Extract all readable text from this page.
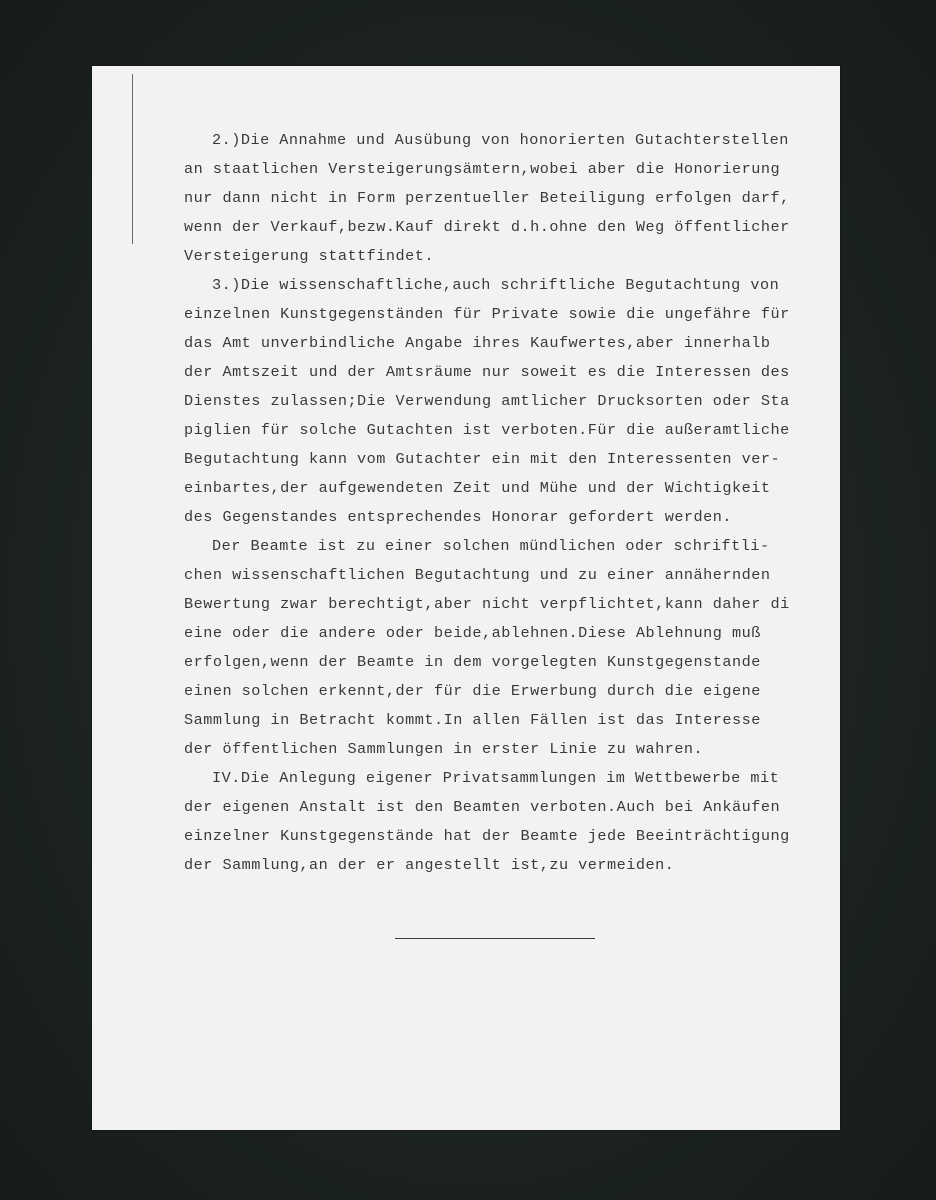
2.)Die Annahme und Ausübung von honorierten Gutachterstellen
an staatlichen Versteigerungsämtern,wobei aber die Honorierung
nur dann nicht in Form perzentueller Beteiligung erfolgen darf,
wenn der Verkauf,bezw.Kauf direkt d.h.ohne den Weg öffentlicher
Versteigerung stattfindet.
3.)Die wissenschaftliche,auch schriftliche Begutachtung von
einzelnen Kunstgegenständen für Private sowie die ungefähre für
das Amt unverbindliche Angabe ihres Kaufwertes,aber innerhalb
der Amtszeit und der Amtsräume nur soweit es die Interessen des
Dienstes zulassen;Die Verwendung amtlicher Drucksorten oder Sta
piglien für solche Gutachten ist verboten.Für die außeramtliche
Begutachtung kann vom Gutachter ein mit den Interessenten ver-
einbartes,der aufgewendeten Zeit und Mühe und der Wichtigkeit
des Gegenstandes entsprechendes Honorar gefordert werden.
Der Beamte ist zu einer solchen mündlichen oder schriftli-
chen wissenschaftlichen Begutachtung und zu einer annähernden
Bewertung zwar berechtigt,aber nicht verpflichtet,kann daher di
eine oder die andere oder beide,ablehnen.Diese Ablehnung muß
erfolgen,wenn der Beamte in dem vorgelegten Kunstgegenstande
einen solchen erkennt,der für die Erwerbung durch die eigene
Sammlung in Betracht kommt.In allen Fällen ist das Interesse
der öffentlichen Sammlungen in erster Linie zu wahren.
IV.Die Anlegung eigener Privatsammlungen im Wettbewerbe mit
der eigenen Anstalt ist den Beamten verboten.Auch bei Ankäufen
einzelner Kunstgegenstände hat der Beamte jede Beeinträchtigung
der Sammlung,an der er angestellt ist,zu vermeiden.
